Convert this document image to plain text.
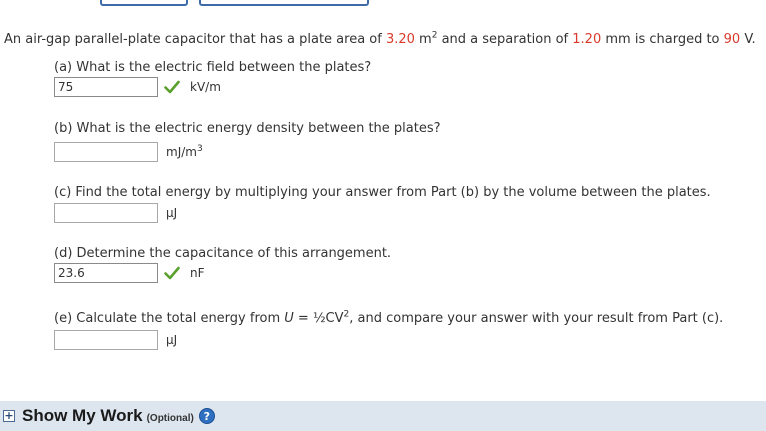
An air-gap parallel-plate capacitor that has a plate area of 3.20 $m^2$ and a separation of 1.20 mm is charged to 90 V.
(a) What is the electric field between the plates?
75	kV/m
(b) What is the electric energy density between the plates?
$mJ/m^3$
(c) Find the total energy by multiplying your answer from Part (b) by the volume between the plates.
μJ
(d) Determine the capacitance of this arrangement.
23.6	nF
(e) Calculate the total energy from $U = \frac{1}{2}CV^2$, and compare your answer with your result from Part (c).
μJ
+ Show My Work (Optional) ?
